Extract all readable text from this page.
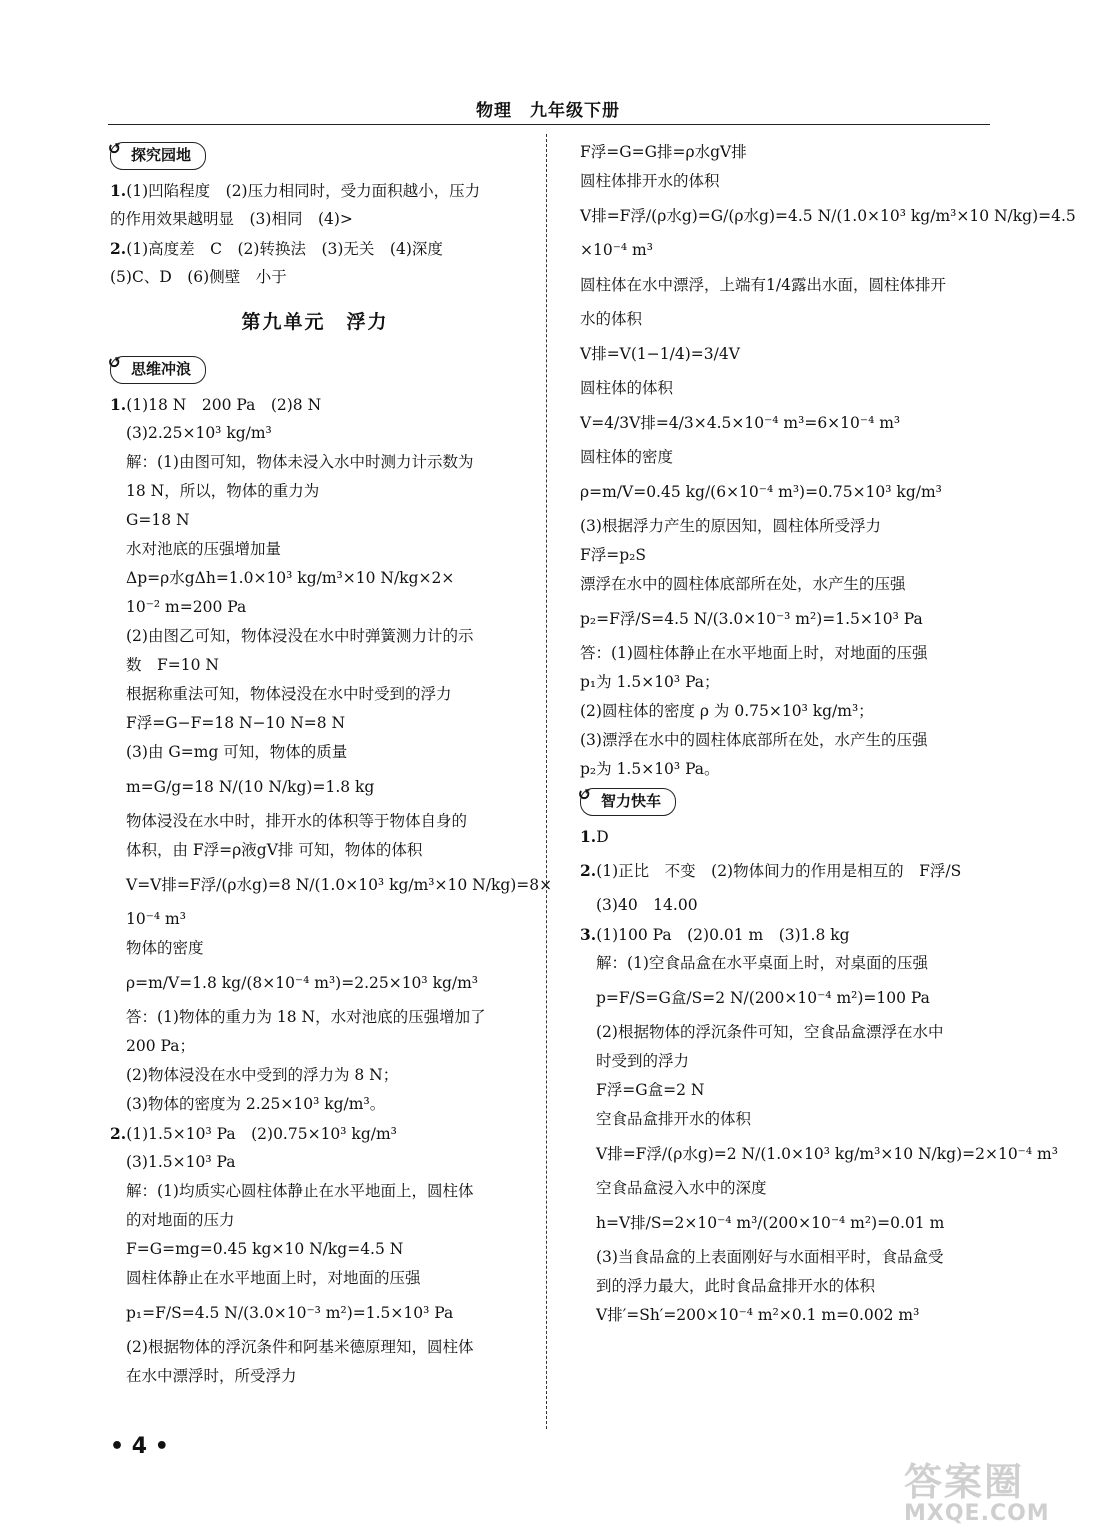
物理　九年级下册
↺ 探究园地
1.(1)凹陷程度　(2)压力相同时，受力面积越小，压力
的作用效果越明显　(3)相同　(4)>
2.(1)高度差　C　(2)转换法　(3)无关　(4)深度
(5)C、D　(6)侧壁　小于
第九单元　浮力
↺ 思维冲浪
1.(1)18 N　200 Pa　(2)8 N
(3)2.25×10³ kg/m³
解：(1)由图可知，物体未浸入水中时测力计示数为
18 N，所以，物体的重力为
G=18 N
水对池底的压强增加量
Δp=ρ水gΔh=1.0×10³ kg/m³×10 N/kg×2×
10⁻² m=200 Pa
(2)由图乙可知，物体浸没在水中时弹簧测力计的示
数　F=10 N
根据称重法可知，物体浸没在水中时受到的浮力
F浮=G−F=18 N−10 N=8 N
(3)由 G=mg 可知，物体的质量
m=G/g=18 N/(10 N/kg)=1.8 kg
物体浸没在水中时，排开水的体积等于物体自身的
体积，由 F浮=ρ液gV排 可知，物体的体积
V=V排=F浮/(ρ水g)=8 N/(1.0×10³ kg/m³×10 N/kg)=8×
10⁻⁴ m³
物体的密度
ρ=m/V=1.8 kg/(8×10⁻⁴ m³)=2.25×10³ kg/m³
答：(1)物体的重力为 18 N，水对池底的压强增加了
200 Pa；
(2)物体浸没在水中受到的浮力为 8 N；
(3)物体的密度为 2.25×10³ kg/m³。
2.(1)1.5×10³ Pa　(2)0.75×10³ kg/m³
(3)1.5×10³ Pa
解：(1)均质实心圆柱体静止在水平地面上，圆柱体
的对地面的压力
F=G=mg=0.45 kg×10 N/kg=4.5 N
圆柱体静止在水平地面上时，对地面的压强
p₁=F/S=4.5 N/(3.0×10⁻³ m²)=1.5×10³ Pa
(2)根据物体的浮沉条件和阿基米德原理知，圆柱体
在水中漂浮时，所受浮力
F浮=G=G排=ρ水gV排
圆柱体排开水的体积
V排=F浮/(ρ水g)=G/(ρ水g)=4.5 N/(1.0×10³ kg/m³×10 N/kg)=4.5
×10⁻⁴ m³
圆柱体在水中漂浮，上端有1/4露出水面，圆柱体排开
水的体积
V排=V(1−1/4)=3/4V
圆柱体的体积
V=4/3V排=4/3×4.5×10⁻⁴ m³=6×10⁻⁴ m³
圆柱体的密度
ρ=m/V=0.45 kg/(6×10⁻⁴ m³)=0.75×10³ kg/m³
(3)根据浮力产生的原因知，圆柱体所受浮力
F浮=p₂S
漂浮在水中的圆柱体底部所在处，水产生的压强
p₂=F浮/S=4.5 N/(3.0×10⁻³ m²)=1.5×10³ Pa
答：(1)圆柱体静止在水平地面上时，对地面的压强
p₁为 1.5×10³ Pa；
(2)圆柱体的密度 ρ 为 0.75×10³ kg/m³；
(3)漂浮在水中的圆柱体底部所在处，水产生的压强
p₂为 1.5×10³ Pa。
↺ 智力快车
1.D
2.(1)正比　不变　(2)物体间力的作用是相互的　F浮/S
(3)40　14.00
3.(1)100 Pa　(2)0.01 m　(3)1.8 kg
解：(1)空食品盒在水平桌面上时，对桌面的压强
p=F/S=G盒/S=2 N/(200×10⁻⁴ m²)=100 Pa
(2)根据物体的浮沉条件可知，空食品盒漂浮在水中
时受到的浮力
F浮=G盒=2 N
空食品盒排开水的体积
V排=F浮/(ρ水g)=2 N/(1.0×10³ kg/m³×10 N/kg)=2×10⁻⁴ m³
空食品盒浸入水中的深度
h=V排/S=2×10⁻⁴ m³/(200×10⁻⁴ m²)=0.01 m
(3)当食品盒的上表面刚好与水面相平时，食品盒受
到的浮力最大，此时食品盒排开水的体积
V排′=Sh′=200×10⁻⁴ m²×0.1 m=0.002 m³
• 4 •
答案圈
MXQE.COM
